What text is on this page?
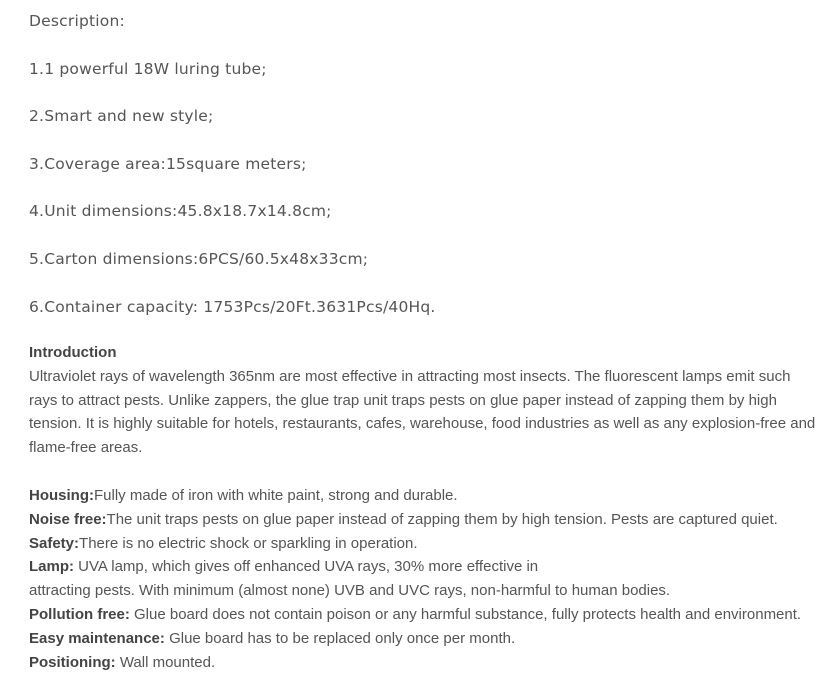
Description:
1.1 powerful 18W luring tube;
2.Smart and new style;
3.Coverage area:15square meters;
4.Unit dimensions:45.8x18.7x14.8cm;
5.Carton dimensions:6PCS/60.5x48x33cm;
6.Container capacity: 1753Pcs/20Ft.3631Pcs/40Hq.
Introduction

Ultraviolet rays of wavelength 365nm are most effective in attracting most insects. The fluorescent lamps emit such rays to attract pests. Unlike zappers, the glue trap unit traps pests on glue paper instead of zapping them by high tension. It is highly suitable for hotels, restaurants, cafes, warehouse, food industries as well as any explosion-free and flame-free areas.

Housing:Fully made of iron with white paint, strong and durable.

Noise free:The unit traps pests on glue paper instead of zapping them by high tension. Pests are captured quiet.

Safety:There is no electric shock or sparkling in operation.

Lamp: UVA lamp, which gives off enhanced UVA rays, 30% more effective in

attracting pests. With minimum (almost none) UVB and UVC rays, non-harmful to human bodies.

Pollution free: Glue board does not contain poison or any harmful substance, fully protects health and environment.

Easy maintenance: Glue board has to be replaced only once per month.

Positioning: Wall mounted.
